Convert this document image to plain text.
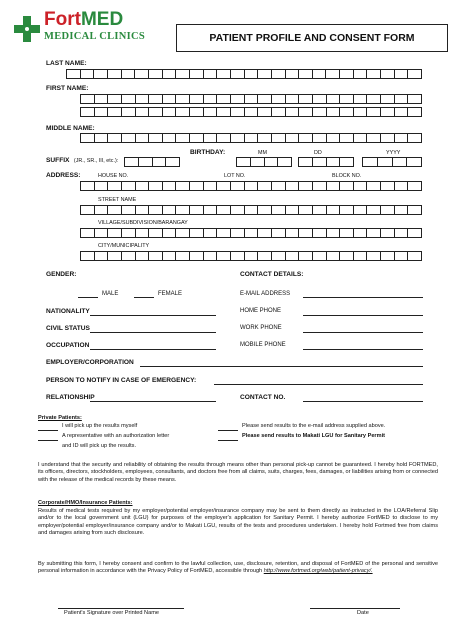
FortMED
MEDICAL CLINICS	PATIENT PROFILE AND CONSENT FORM
LAST NAME:
FIRST NAME:
MIDDLE NAME:
SUFFIX (JR., SR., III, etc.):
BIRTHDAY:	MM	DD	YYYY
ADDRESS:	HOUSE NO.	LOT NO.	BLOCK NO.
STREET NAME
VILLAGE/SUBDIVISION/BARANGAY
CITY/MUNICIPALITY
GENDER:	CONTACT DETAILS:
MALE	FEMALE	E-MAIL ADDRESS
NATIONALITY	HOME PHONE
CIVIL STATUS	WORK PHONE
OCCUPATION	MOBILE PHONE
EMPLOYER/CORPORATION
PERSON TO NOTIFY IN CASE OF EMERGENCY:
RELATIONSHIP	CONTACT NO.
Private Patients:
I will pick up the results myself
A representative with an authorization letter
and ID will pick up the results.
Please send results to the e-mail address supplied above.
Please send results to Makati LGU for Sanitary Permit
I understand that the security and reliability of obtaining the results through means other than personal pick-up cannot be guaranteed. I hereby hold FORTMED, its officers, directors, stockholders, employees, consultants, and doctors free from all claims, suits, charges, fees, damages, or liabilities arising from or connected with the release of the medical records by these means.
Corporate/HMO/Insurance Patients:
Results of medical tests required by my employer/potential employer/insurance company may be sent to them directly as instructed in the LOA/Referral Slip and/or to the local government unit (LGU) for purposes of the employer's application for Sanitary Permit. I hereby authorize FortMED to disclose to my employer/potential employer/insurance company and/or to Makati LGU, results of the tests and procedures undertaken. I hereby hold Fortmed free from claims and damages arising from such disclosure.
By submitting this form, I hereby consent and confirm to the lawful collection, use, disclosure, retention, and disposal of FortMED of the personal and sensitive personal information in accordance with the Privacy Policy of FortMED, accessible through http://www.fortmed.org/web/patient-privacy/.
Patient's Signature over Printed Name	Date
